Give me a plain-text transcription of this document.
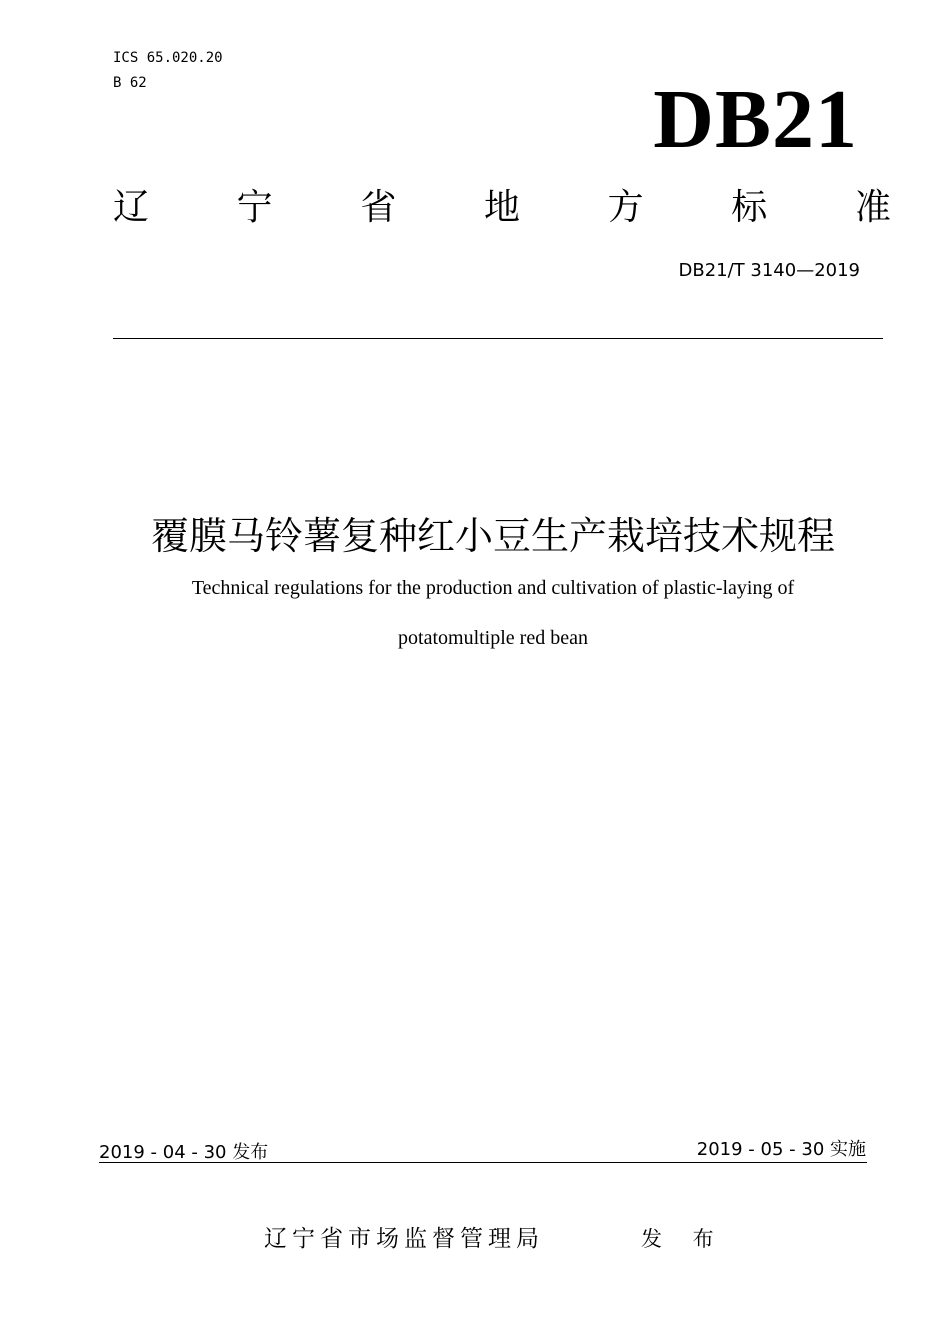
ICS 65.020.20
B 62	DB21
辽 宁 省 地 方 标 准
DB21/T 3140—2019
覆膜马铃薯复种红小豆生产栽培技术规程
Technical regulations for the production and cultivation of plastic-laying of
potatomultiple red bean
2019 - 04 - 30 发布	2019 - 05 - 30 实施
辽宁省市场监督管理局	发 布
